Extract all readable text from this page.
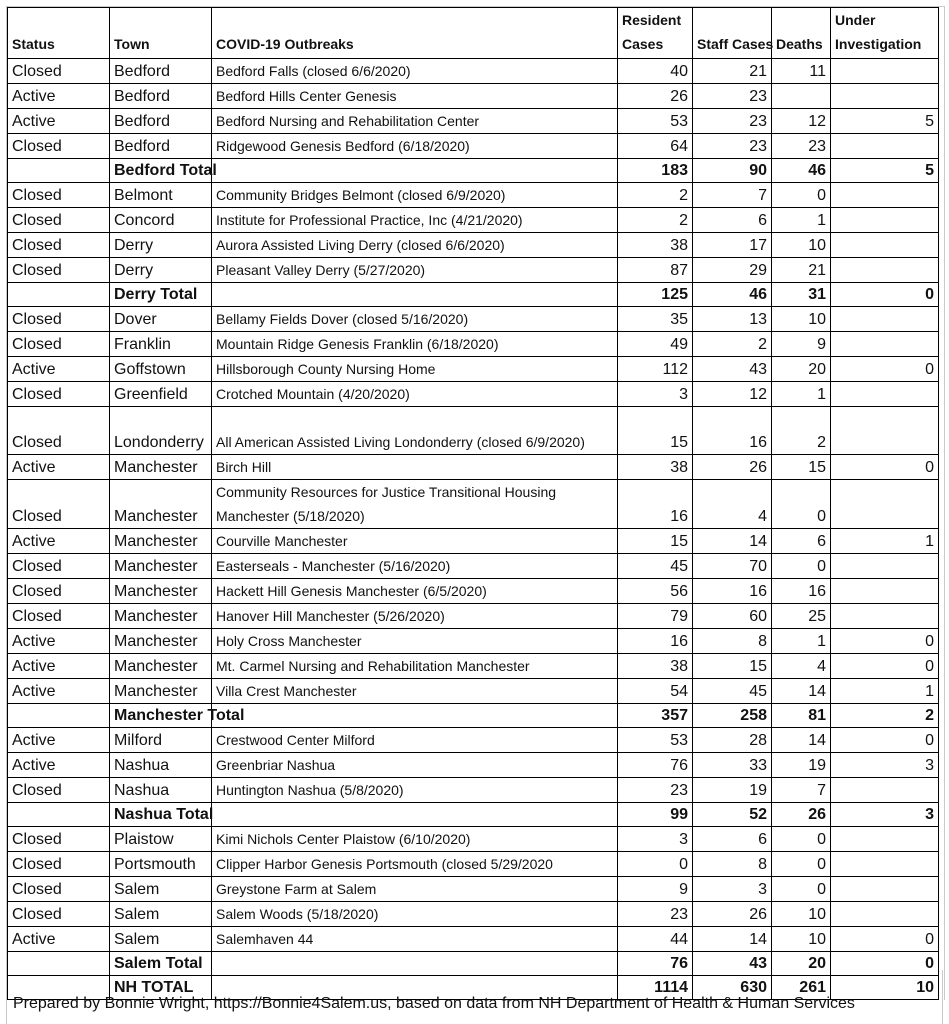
Status	Town	COVID-19 Outbreaks	Resident Cases	Staff Cases	Deaths	Under Investigation
Closed	Bedford	Bedford Falls (closed 6/6/2020)	40	21	11	
Active	Bedford	Bedford Hills Center Genesis	26	23		
Active	Bedford	Bedford Nursing and Rehabilitation Center	53	23	12	5
Closed	Bedford	Ridgewood Genesis Bedford (6/18/2020)	64	23	23	
	Bedford Total		183	90	46	5
Closed	Belmont	Community Bridges Belmont (closed 6/9/2020)	2	7	0	
Closed	Concord	Institute for Professional Practice, Inc (4/21/2020)	2	6	1	
Closed	Derry	Aurora Assisted Living Derry (closed 6/6/2020)	38	17	10	
Closed	Derry	Pleasant Valley Derry (5/27/2020)	87	29	21	
	Derry Total		125	46	31	0
Closed	Dover	Bellamy Fields Dover (closed 5/16/2020)	35	13	10	
Closed	Franklin	Mountain Ridge Genesis Franklin (6/18/2020)	49	2	9	
Active	Goffstown	Hillsborough County Nursing Home	112	43	20	0
Closed	Greenfield	Crotched Mountain (4/20/2020)	3	12	1	
Closed	Londonderry	All American Assisted Living Londonderry (closed 6/9/2020)	15	16	2	
Active	Manchester	Birch Hill	38	26	15	0
Closed	Manchester	Community Resources for Justice Transitional Housing Manchester (5/18/2020)	16	4	0	
Active	Manchester	Courville Manchester	15	14	6	1
Closed	Manchester	Easterseals - Manchester (5/16/2020)	45	70	0	
Closed	Manchester	Hackett Hill Genesis Manchester (6/5/2020)	56	16	16	
Closed	Manchester	Hanover Hill Manchester (5/26/2020)	79	60	25	
Active	Manchester	Holy Cross Manchester	16	8	1	0
Active	Manchester	Mt. Carmel Nursing and Rehabilitation Manchester	38	15	4	0
Active	Manchester	Villa Crest Manchester	54	45	14	1
	Manchester Total		357	258	81	2
Active	Milford	Crestwood Center Milford	53	28	14	0
Active	Nashua	Greenbriar Nashua	76	33	19	3
Closed	Nashua	Huntington Nashua (5/8/2020)	23	19	7	
	Nashua Total		99	52	26	3
Closed	Plaistow	Kimi Nichols Center Plaistow (6/10/2020)	3	6	0	
Closed	Portsmouth	Clipper Harbor Genesis Portsmouth (closed 5/29/2020	0	8	0	
Closed	Salem	Greystone Farm at Salem	9	3	0	
Closed	Salem	Salem Woods (5/18/2020)	23	26	10	
Active	Salem	Salemhaven 44	44	14	10	0
	Salem Total		76	43	20	0
	NH TOTAL		1114	630	261	10
Prepared by Bonnie Wright, https://Bonnie4Salem.us, based on data from NH Department of Health & Human Services
